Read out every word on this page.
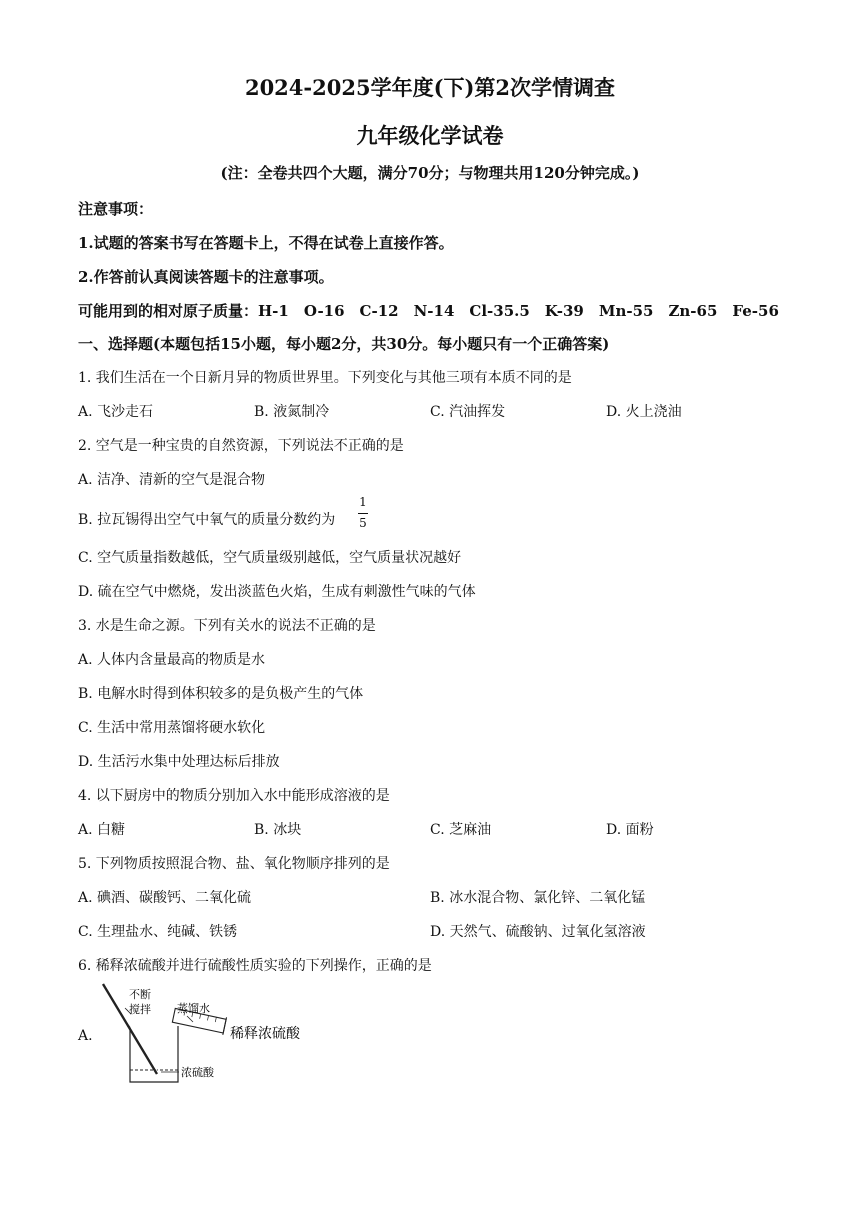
2024-2025学年度(下)第2次学情调查
九年级化学试卷
(注：全卷共四个大题，满分70分；与物理共用120分钟完成。)
注意事项：
1.试题的答案书写在答题卡上，不得在试卷上直接作答。
2.作答前认真阅读答题卡的注意事项。
可能用到的相对原子质量：H-1　O-16　C-12　N-14　Cl-35.5　K-39　Mn-55　Zn-65　Fe-56
一、选择题(本题包括15小题，每小题2分，共30分。每小题只有一个正确答案)
1. 我们生活在一个日新月异的物质世界里。下列变化与其他三项有本质不同的是
A. 飞沙走石	B. 液氮制冷	C. 汽油挥发	D. 火上浇油
2. 空气是一种宝贵的自然资源，下列说法不正确的是
A. 洁净、清新的空气是混合物
B. 拉瓦锡得出空气中氧气的质量分数约为
1
5
C. 空气质量指数越低，空气质量级别越低，空气质量状况越好
D. 硫在空气中燃烧，发出淡蓝色火焰，生成有刺激性气味的气体
3. 水是生命之源。下列有关水的说法不正确的是
A. 人体内含量最高的物质是水
B. 电解水时得到体积较多的是负极产生的气体
C. 生活中常用蒸馏将硬水软化
D. 生活污水集中处理达标后排放
4. 以下厨房中的物质分别加入水中能形成溶液的是
A. 白糖	B. 冰块	C. 芝麻油	D. 面粉
5. 下列物质按照混合物、盐、氧化物顺序排列的是
A. 碘酒、碳酸钙、二氧化硫	B. 冰水混合物、氯化锌、二氧化锰
C. 生理盐水、纯碱、铁锈	D. 天然气、硫酸钠、过氧化氢溶液
6. 稀释浓硫酸并进行硫酸性质实验的下列操作，正确的是
A.
不断
搅拌 蒸馏水
浓硫酸
稀释浓硫酸
